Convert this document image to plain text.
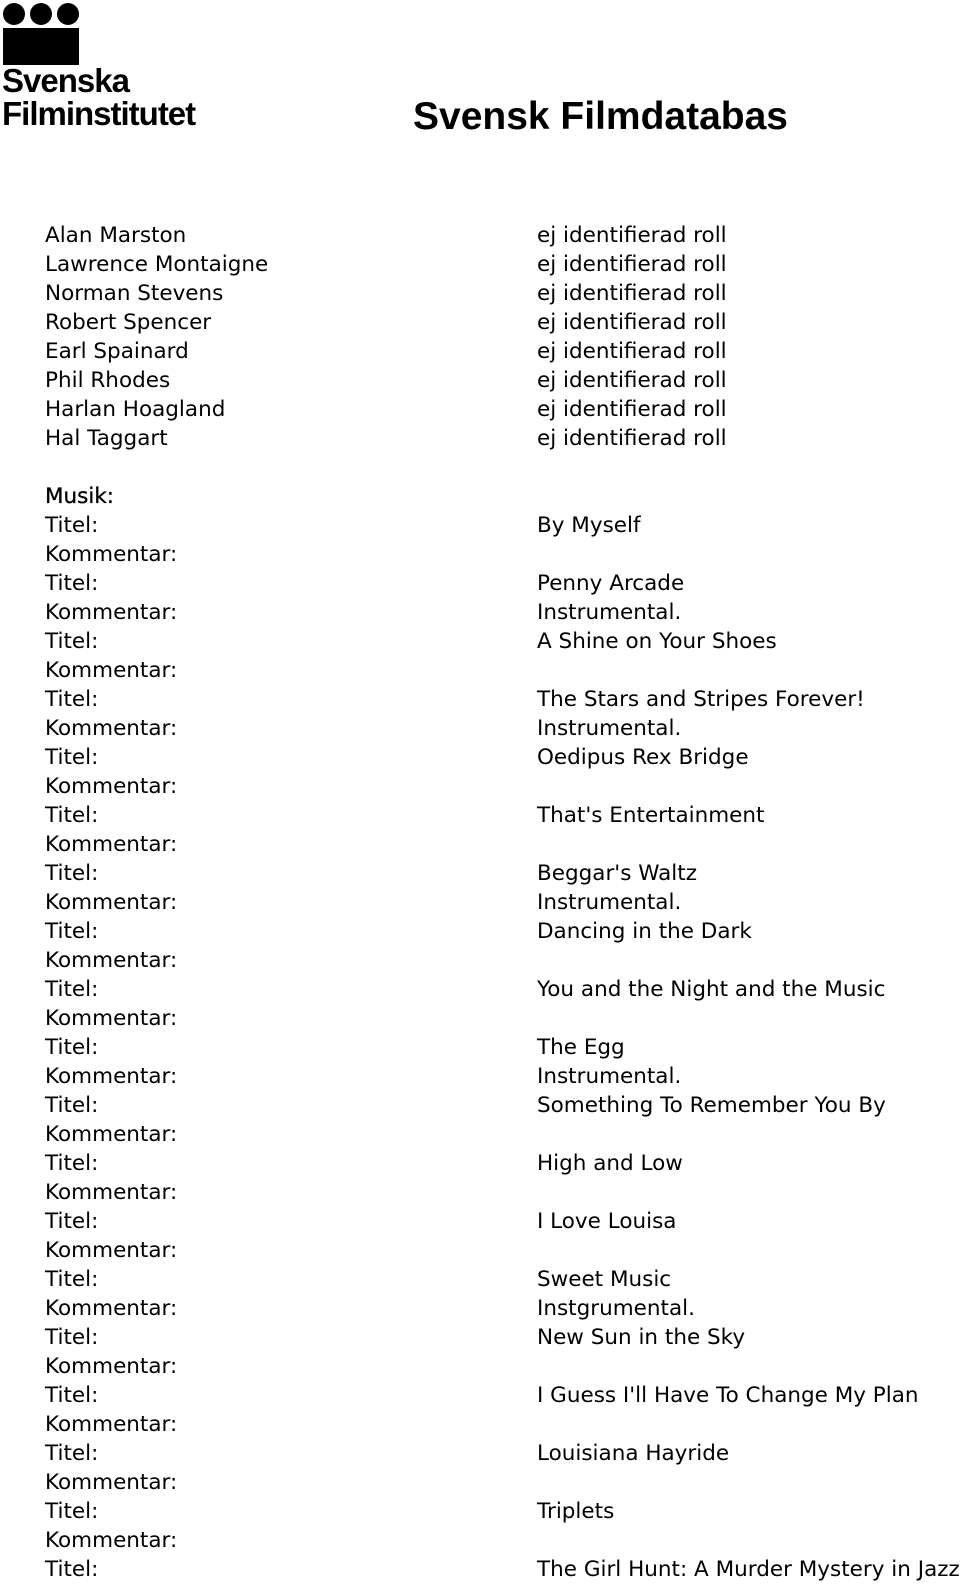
Svenska
Filminstitutet	Svensk Filmdatabas
Alan Marston	ej identifierad roll
Lawrence Montaigne	ej identifierad roll
Norman Stevens	ej identifierad roll
Robert Spencer	ej identifierad roll
Earl Spainard	ej identifierad roll
Phil Rhodes	ej identifierad roll
Harlan Hoagland	ej identifierad roll
Hal Taggart	ej identifierad roll
Musik:
Titel:	By Myself
Kommentar:
Titel:	Penny Arcade
Kommentar:	Instrumental.
Titel:	A Shine on Your Shoes
Kommentar:
Titel:	The Stars and Stripes Forever!
Kommentar:	Instrumental.
Titel:	Oedipus Rex Bridge
Kommentar:
Titel:	That's Entertainment
Kommentar:
Titel:	Beggar's Waltz
Kommentar:	Instrumental.
Titel:	Dancing in the Dark
Kommentar:
Titel:	You and the Night and the Music
Kommentar:
Titel:	The Egg
Kommentar:	Instrumental.
Titel:	Something To Remember You By
Kommentar:
Titel:	High and Low
Kommentar:
Titel:	I Love Louisa
Kommentar:
Titel:	Sweet Music
Kommentar:	Instgrumental.
Titel:	New Sun in the Sky
Kommentar:
Titel:	I Guess I'll Have To Change My Plan
Kommentar:
Titel:	Louisiana Hayride
Kommentar:
Titel:	Triplets
Kommentar:
Titel:	The Girl Hunt: A Murder Mystery in Jazz
